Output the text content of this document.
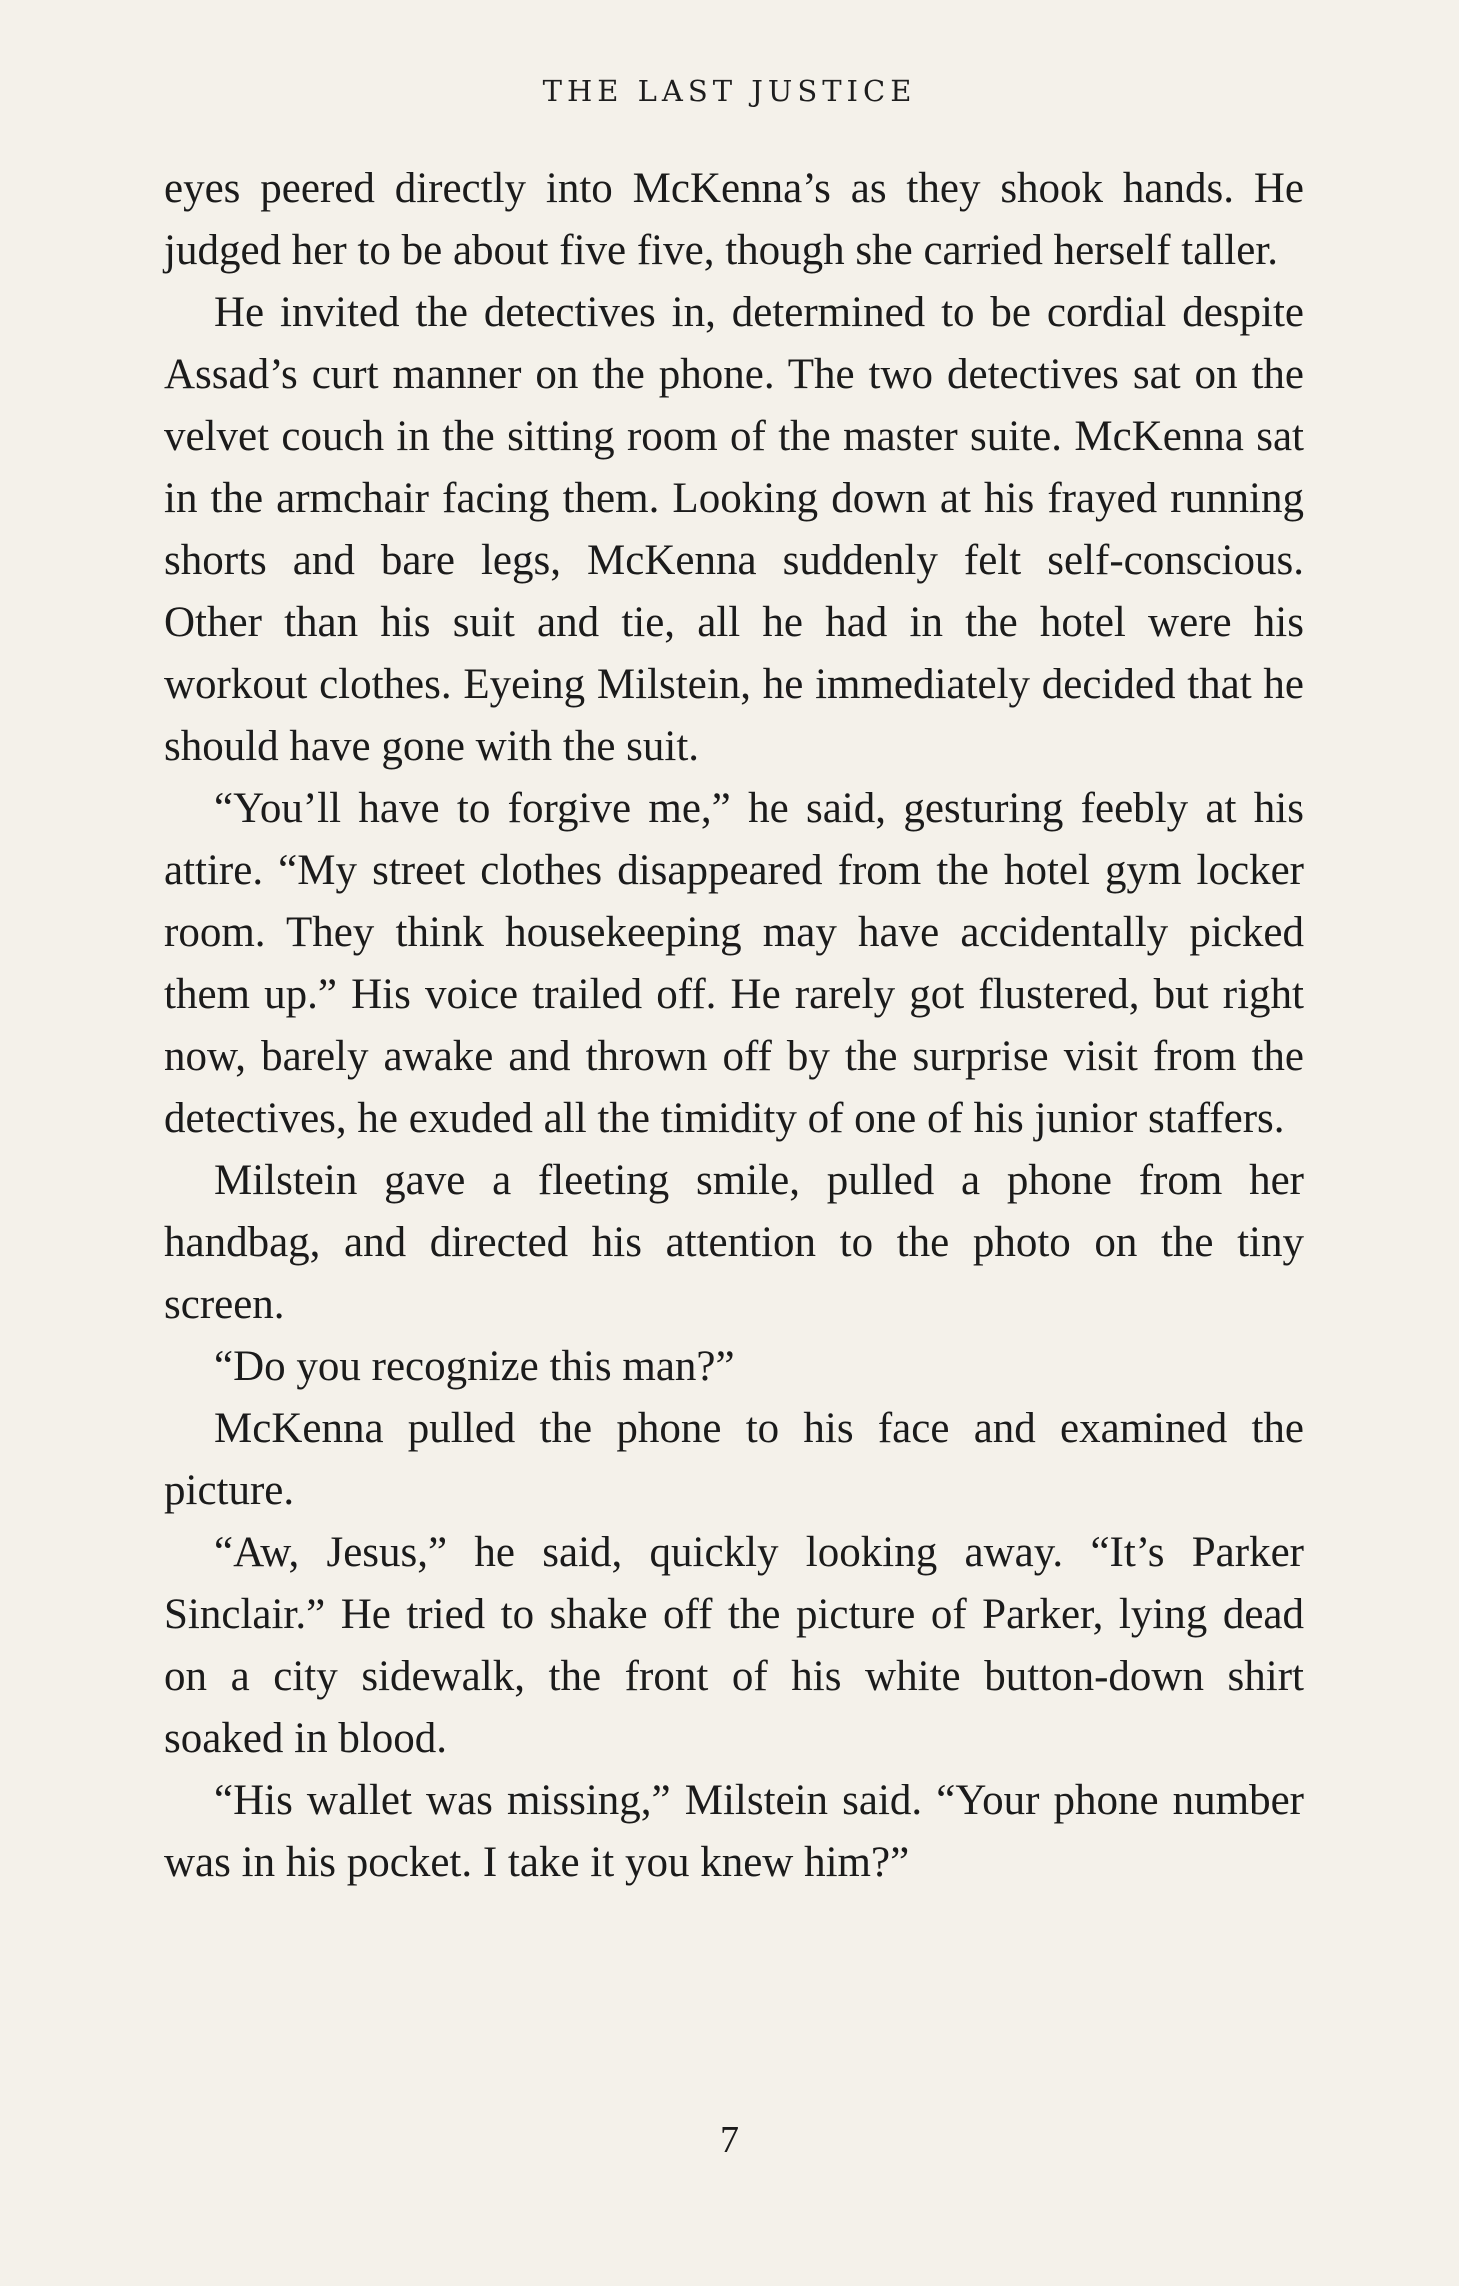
THE LAST JUSTICE

eyes peered directly into McKenna’s as they shook hands. He judged her to be about five five, though she carried herself taller.

He invited the detectives in, determined to be cordial despite Assad’s curt manner on the phone. The two detectives sat on the velvet couch in the sitting room of the master suite. McKenna sat in the armchair facing them. Looking down at his frayed running shorts and bare legs, McKenna suddenly felt self-conscious. Other than his suit and tie, all he had in the hotel were his workout clothes. Eyeing Milstein, he immediately decided that he should have gone with the suit.

“You’ll have to forgive me,” he said, gesturing feebly at his attire. “My street clothes disappeared from the hotel gym locker room. They think housekeeping may have accidentally picked them up.” His voice trailed off. He rarely got flustered, but right now, barely awake and thrown off by the surprise visit from the detectives, he exuded all the timidity of one of his junior staffers.

Milstein gave a fleeting smile, pulled a phone from her handbag, and directed his attention to the photo on the tiny screen.

“Do you recognize this man?”

McKenna pulled the phone to his face and examined the picture.

“Aw, Jesus,” he said, quickly looking away. “It’s Parker Sinclair.” He tried to shake off the picture of Parker, lying dead on a city sidewalk, the front of his white button-down shirt soaked in blood.

“His wallet was missing,” Milstein said. “Your phone number was in his pocket. I take it you knew him?”

7
